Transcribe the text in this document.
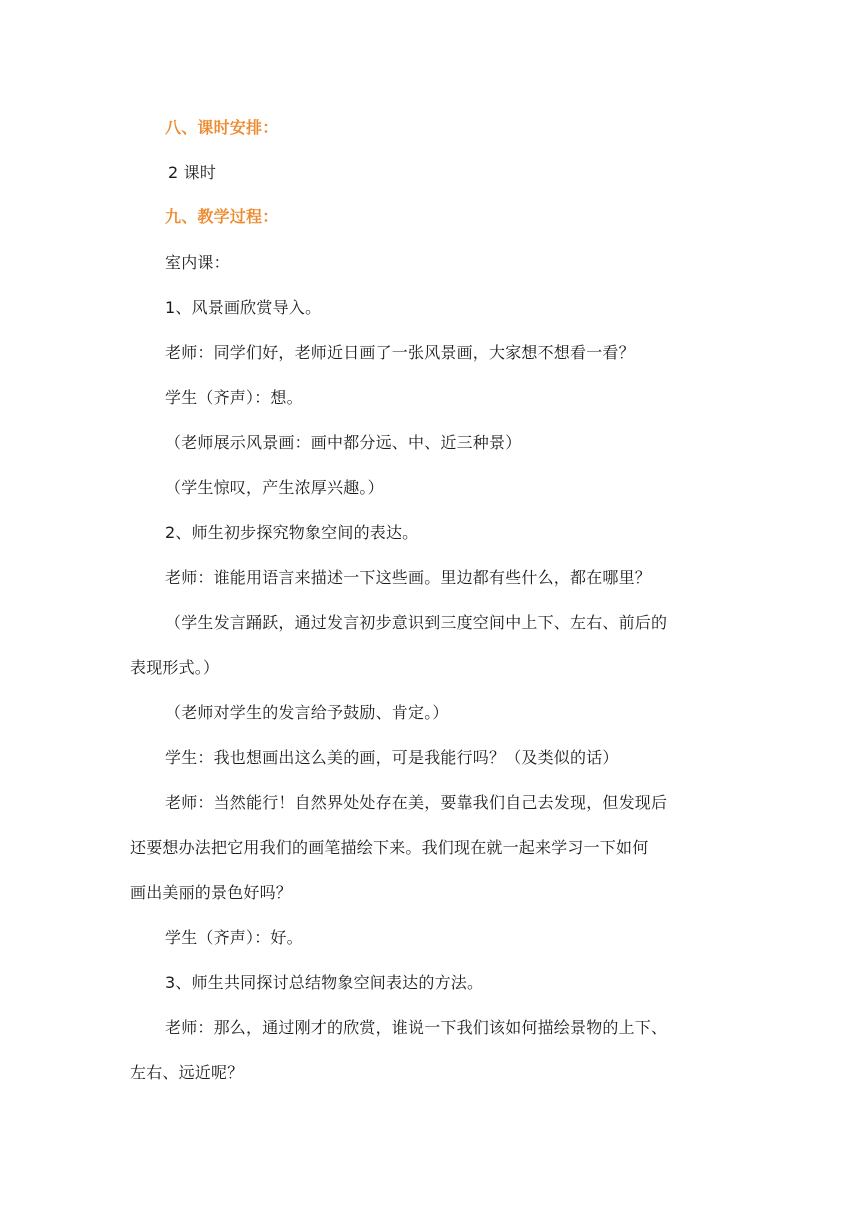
八、课时安排：
2 课时
九、教学过程：
室内课：
1、风景画欣赏导入。
老师：同学们好，老师近日画了一张风景画，大家想不想看一看？
学生（齐声）：想。
（老师展示风景画：画中都分远、中、近三种景）
（学生惊叹，产生浓厚兴趣。）
2、师生初步探究物象空间的表达。
老师：谁能用语言来描述一下这些画。里边都有些什么，都在哪里？
（学生发言踊跃，通过发言初步意识到三度空间中上下、左右、前后的
表现形式。）
（老师对学生的发言给予鼓励、肯定。）
学生：我也想画出这么美的画，可是我能行吗？（及类似的话）
老师：当然能行！自然界处处存在美，要靠我们自己去发现，但发现后
还要想办法把它用我们的画笔描绘下来。我们现在就一起来学习一下如何
画出美丽的景色好吗？
学生（齐声）：好。
3、师生共同探讨总结物象空间表达的方法。
老师：那么，通过刚才的欣赏，谁说一下我们该如何描绘景物的上下、
左右、远近呢？
